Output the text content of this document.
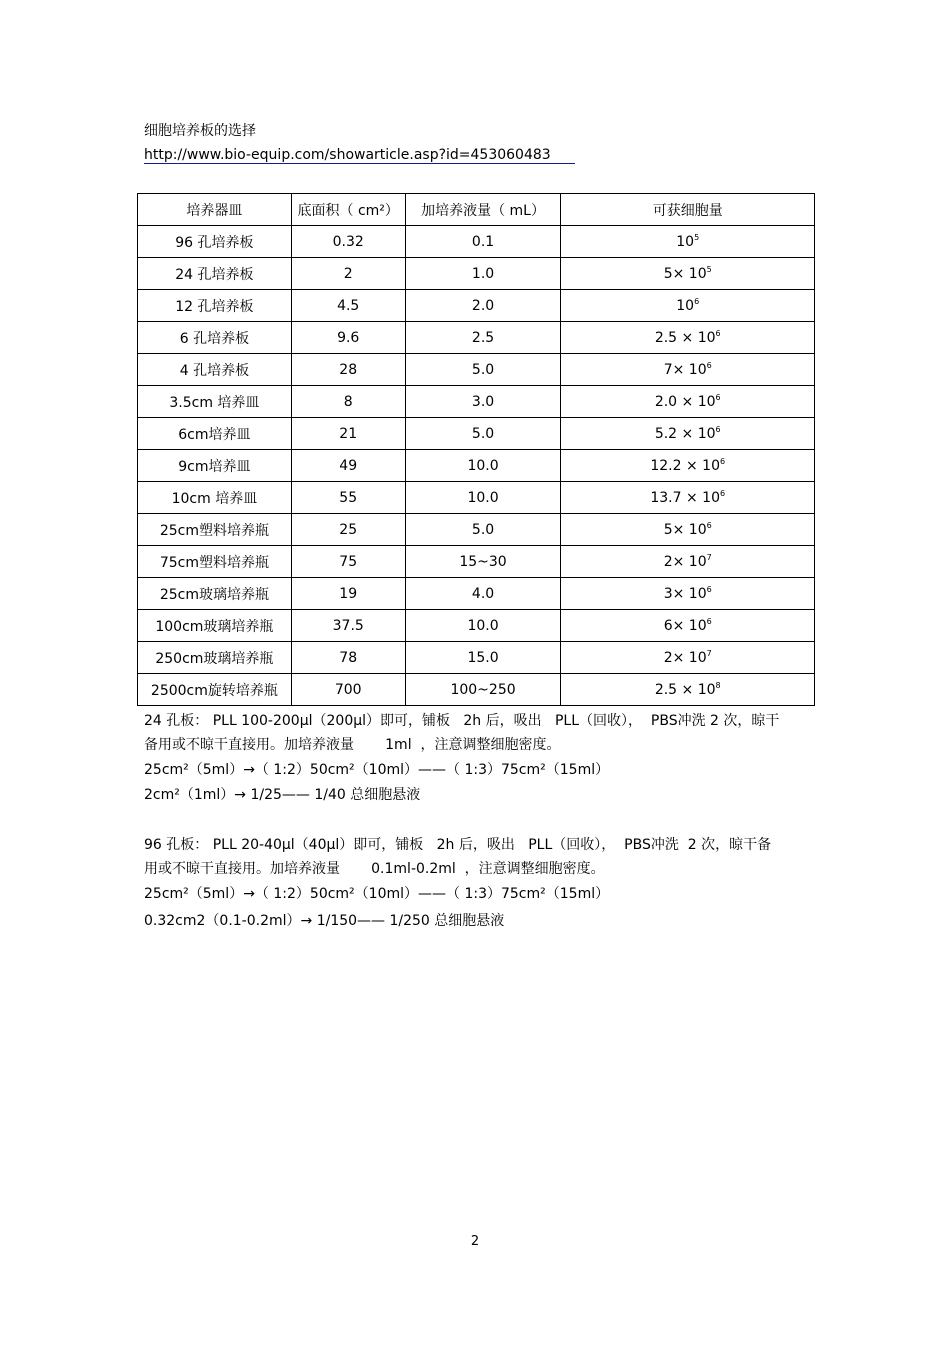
细胞培养板的选择
http://www.bio-equip.com/showarticle.asp?id=453060483
培养器皿	底面积（ cm²）	加培养液量（ mL）	可获细胞量
96 孔培养板	0.32	0.1	$10^5$
24 孔培养板	2	1.0	$5\times 10^5$
12 孔培养板	4.5	2.0	$10^6$
6 孔培养板	9.6	2.5	$2.5 \times 10^6$
4 孔培养板	28	5.0	$7\times 10^6$
3.5cm 培养皿	8	3.0	$2.0 \times 10^6$
6cm培养皿	21	5.0	$5.2 \times 10^6$
9cm培养皿	49	10.0	$12.2 \times 10^6$
10cm 培养皿	55	10.0	$13.7 \times 10^6$
25cm塑料培养瓶	25	5.0	$5\times 10^6$
75cm塑料培养瓶	75	15~30	$2\times 10^7$
25cm玻璃培养瓶	19	4.0	$3\times 10^6$
100cm玻璃培养瓶	37.5	10.0	$6\times 10^6$
250cm玻璃培养瓶	78	15.0	$2\times 10^7$
2500cm旋转培养瓶	700	100~250	$2.5 \times 10^8$
24 孔板： PLL 100-200μl（200μl）即可，铺板   2h 后，吸出   PLL（回收），  PBS冲洗 2 次，晾干
备用或不晾干直接用。加培养液量       1ml  ，注意调整细胞密度。
25cm²（5ml）→（ 1:2）50cm²（10ml）——（ 1:3）75cm²（15ml）
2cm²（1ml）→ 1/25—— 1/40 总细胞悬液
96 孔板： PLL 20-40μl（40μl）即可，铺板   2h 后，吸出   PLL（回收），  PBS冲洗  2 次，晾干备
用或不晾干直接用。加培养液量       0.1ml-0.2ml  ，注意调整细胞密度。
25cm²（5ml）→（ 1:2）50cm²（10ml）——（ 1:3）75cm²（15ml）
0.32cm2（0.1-0.2ml）→ 1/150—— 1/250 总细胞悬液
2
